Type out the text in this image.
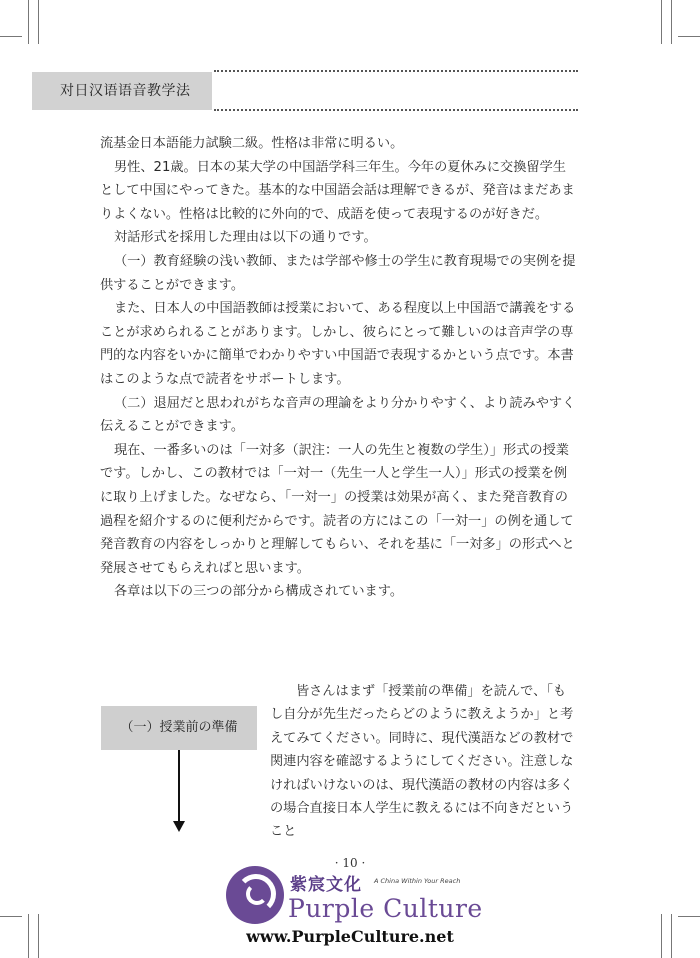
对日汉语语音教学法

流基金日本語能力試験二級。性格は非常に明るい。

男性、21歳。日本の某大学の中国語学科三年生。今年の夏休みに交換留学生として中国にやってきた。基本的な中国語会話は理解できるが、発音はまだあまりよくない。性格は比較的に外向的で、成語を使って表現するのが好きだ。

対話形式を採用した理由は以下の通りです。

（一）教育経験の浅い教師、または学部や修士の学生に教育現場での実例を提供することができます。

また、日本人の中国語教師は授業において、ある程度以上中国語で講義をすることが求められることがあります。しかし、彼らにとって難しいのは音声学の専門的な内容をいかに簡単でわかりやすい中国語で表現するかという点です。本書はこのような点で読者をサポートします。

（二）退屈だと思われがちな音声の理論をより分かりやすく、より読みやすく伝えることができます。

現在、一番多いのは「一対多（訳注：一人の先生と複数の学生）」形式の授業です。しかし、この教材では「一対一（先生一人と学生一人）」形式の授業を例に取り上げました。なぜなら、「一対一」の授業は効果が高く、また発音教育の過程を紹介するのに便利だからです。読者の方にはこの「一対一」の例を通して発音教育の内容をしっかりと理解してもらい、それを基に「一対多」の形式へと発展させてもらえればと思います。

各章は以下の三つの部分から構成されています。

（一）授業前の準備

皆さんはまず「授業前の準備」を読んで、「もし自分が先生だったらどのように教えようか」と考えてみてください。同時に、現代漢語などの教材で関連内容を確認するようにしてください。注意しなければいけないのは、現代漢語の教材の内容は多くの場合直接日本人学生に教えるには不向きだということ

· 10 ·
紫宸文化 A China Within Your Reach
Purple Culture
www.PurpleCulture.net
